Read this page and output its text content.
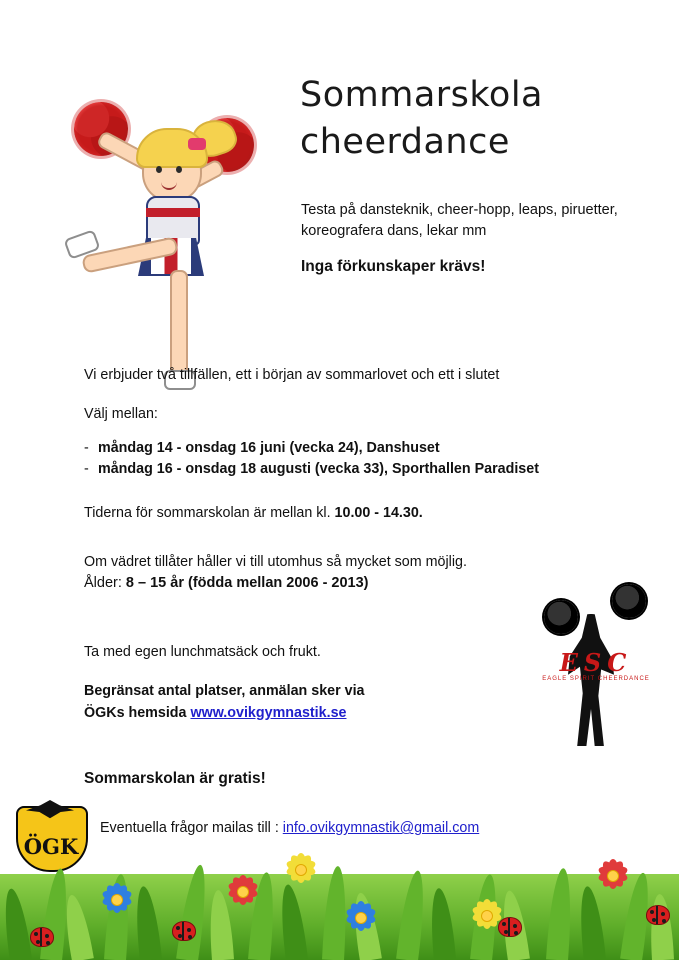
Sommarskola
cheerdance
Testa på dansteknik, cheer-hopp, leaps, piruetter, koreografera dans, lekar mm
Inga förkunskaper krävs!

Vi erbjuder två tillfällen, ett i början av sommarlovet och ett i slutet

Välj mellan:

- måndag 14 - onsdag 16 juni (vecka 24), Danshuset
- måndag 16 - onsdag 18 augusti (vecka 33), Sporthallen Paradiset

Tiderna för sommarskolan är mellan kl. 10.00 - 14.30.

Om vädret tillåter håller vi till utomhus så mycket som möjlig.

Ålder: 8 – 15 år (födda mellan 2006 - 2013)
Ta med egen lunchmatsäck och frukt.
Begränsat antal platser, anmälan sker via
ÖGKs hemsida www.ovikgymnastik.se
Sommarskolan är gratis!
Eventuella frågor mailas till : info.ovikgymnastik@gmail.com
ESC
EAGLE SPIRIT CHEERDANCE
ÖGK
